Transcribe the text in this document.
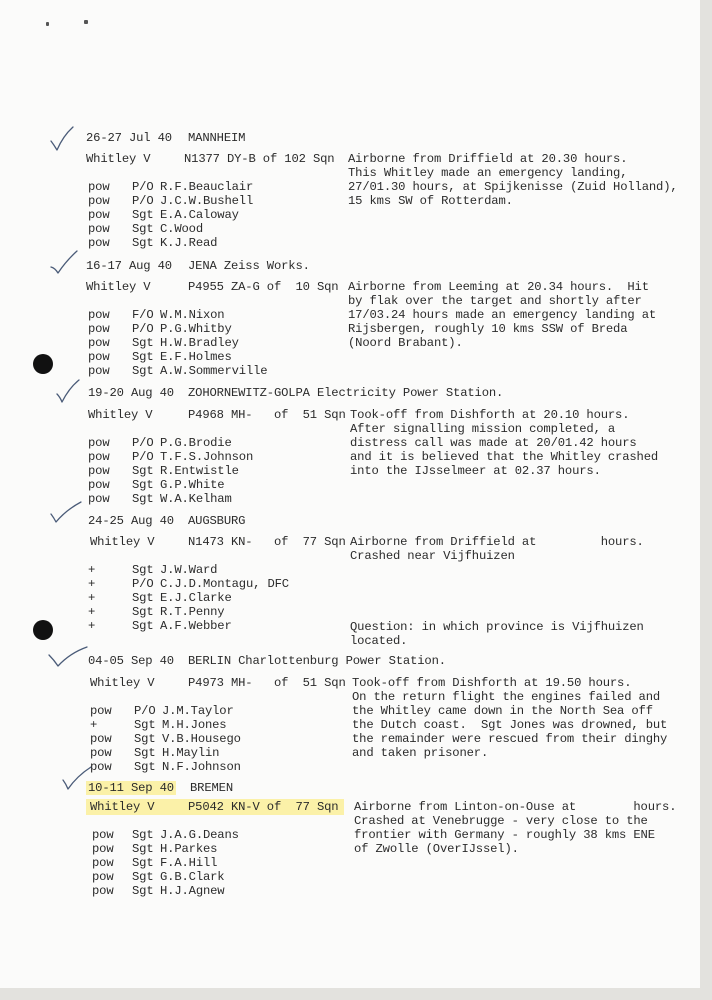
26-27 Jul 40 MANNHEIM
Whitley V	N1377 DY-B of 102 Sqn Airborne from Driffield at 20.30 hours.
This Whitley made an emergency landing,
27/01.30 hours, at Spijkenisse (Zuid Holland),
15 kms SW of Rotterdam.
pow P/O R.F.Beauclair
pow P/O J.C.W.Bushell
pow Sgt E.A.Caloway
pow Sgt C.Wood
pow Sgt K.J.Read
16-17 Aug 40 JENA Zeiss Works.
Whitley V	P4955 ZA-G of  10 Sqn Airborne from Leeming at 20.34 hours.  Hit
by flak over the target and shortly after
17/03.24 hours made an emergency landing at
Rijsbergen, roughly 10 kms SSW of Breda
(Noord Brabant).
pow F/O W.M.Nixon
pow P/O P.G.Whitby
pow Sgt H.W.Bradley
pow Sgt E.F.Holmes
pow Sgt A.W.Sommerville
19-20 Aug 40 ZOHORNEWITZ-GOLPA Electricity Power Station.
Whitley V	P4968 MH-   of  51 Sqn Took-off from Dishforth at 20.10 hours.
After signalling mission completed, a
distress call was made at 20/01.42 hours
and it is believed that the Whitley crashed
into the IJsselmeer at 02.37 hours.
pow P/O P.G.Brodie
pow P/O T.F.S.Johnson
pow Sgt R.Entwistle
pow Sgt G.P.White
pow Sgt W.A.Kelham
24-25 Aug 40 AUGSBURG
Whitley V	N1473 KN-   of  77 Sqn Airborne from Driffield at         hours.
Crashed near Vijfhuizen
Question: in which province is Vijfhuizen
located.
+	Sgt J.W.Ward
+	P/O C.J.D.Montagu, DFC
+	Sgt E.J.Clarke
+	Sgt R.T.Penny
+	Sgt A.F.Webber
04-05 Sep 40 BERLIN Charlottenburg Power Station.
Whitley V	P4973 MH-   of  51 Sqn Took-off from Dishforth at 19.50 hours.
On the return flight the engines failed and
the Whitley came down in the North Sea off
the Dutch coast.  Sgt Jones was drowned, but
the remainder were rescued from their dinghy
and taken prisoner.
pow P/O J.M.Taylor
+	Sgt M.H.Jones
pow Sgt V.B.Housego
pow Sgt H.Maylin
pow Sgt N.F.Johnson
10-11 Sep 40 BREMEN
Whitley V	P5042 KN-V of  77 Sqn Airborne from Linton-on-Ouse at        hours.
Crashed at Venebrugge - very close to the
frontier with Germany - roughly 38 kms ENE
of Zwolle (OverIJssel).
pow Sgt J.A.G.Deans
pow Sgt H.Parkes
pow Sgt F.A.Hill
pow Sgt G.B.Clark
pow Sgt H.J.Agnew
